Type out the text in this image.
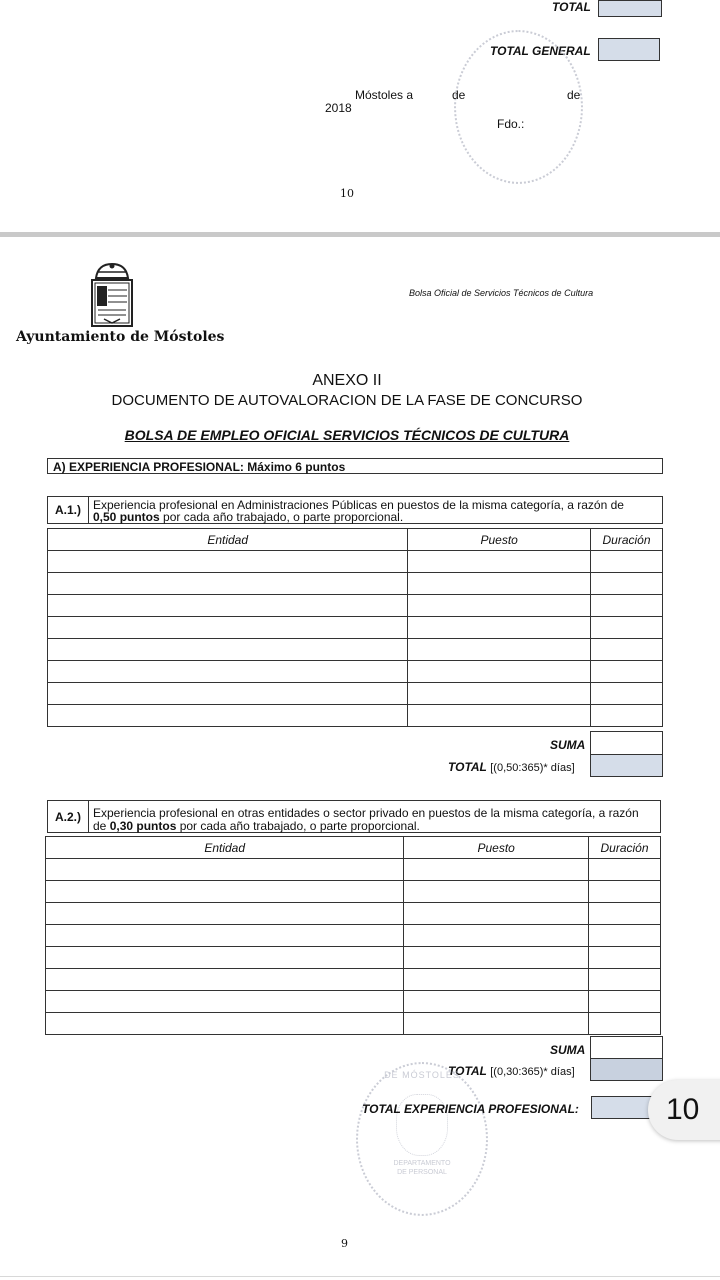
TOTAL
TOTAL GENERAL
Móstoles a	de	de
2018
Fdo.:
10
Ayuntamiento de Móstoles
Bolsa Oficial de Servicios Técnicos de Cultura
ANEXO II
DOCUMENTO DE AUTOVALORACION DE LA FASE DE CONCURSO
BOLSA DE EMPLEO OFICIAL SERVICIOS TÉCNICOS DE CULTURA
A) EXPERIENCIA PROFESIONAL: Máximo 6 puntos
A.1.)	Experiencia profesional en Administraciones Públicas en puestos de la misma categoría, a razón de
0,50 puntos por cada año trabajado, o parte proporcional.
Entidad	Puesto	Duración

SUMA
TOTAL [(0,50:365)* días]
A.2.)	Experiencia profesional en otras entidades o sector privado en puestos de la misma categoría, a razón
de 0,30 puntos por cada año trabajado, o parte proporcional.
Entidad	Puesto	Duración

SUMA
TOTAL [(0,30:365)* días]
DE MÓSTOLES
DEPARTAMENTO
DE PERSONAL
TOTAL EXPERIENCIA PROFESIONAL:
9
10
